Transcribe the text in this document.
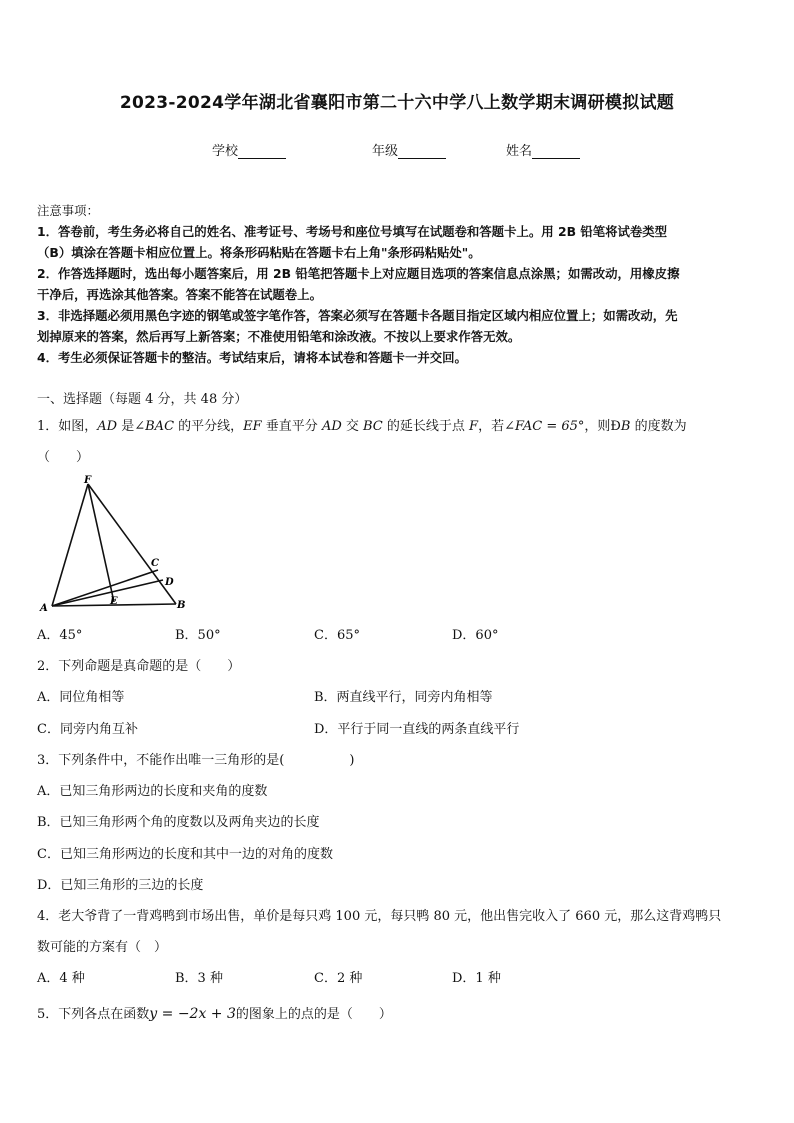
2023-2024学年湖北省襄阳市第二十六中学八上数学期末调研模拟试题
学校	年级	姓名
注意事项：
1．答卷前，考生务必将自己的姓名、准考证号、考场号和座位号填写在试题卷和答题卡上。用 2B 铅笔将试卷类型
（B）填涂在答题卡相应位置上。将条形码粘贴在答题卡右上角"条形码粘贴处"。
2．作答选择题时，选出每小题答案后，用 2B 铅笔把答题卡上对应题目选项的答案信息点涂黑；如需改动，用橡皮擦
干净后，再选涂其他答案。答案不能答在试题卷上。
3．非选择题必须用黑色字迹的钢笔或签字笔作答，答案必须写在答题卡各题目指定区域内相应位置上；如需改动，先
划掉原来的答案，然后再写上新答案；不准使用铅笔和涂改液。不按以上要求作答无效。
4．考生必须保证答题卡的整洁。考试结束后，请将本试卷和答题卡一并交回。
一、选择题（每题 4 分，共 48 分）
1．如图，AD 是∠BAC 的平分线，EF 垂直平分 AD 交 BC 的延长线于点 F，若∠FAC = 65°，则ÐB 的度数为
（　　）
F
C
D
A
E	B
A．45°	B．50°	C．65°	D．60°
2．下列命题是真命题的是（　　）
A．同位角相等	B．两直线平行，同旁内角相等
C．同旁内角互补	D．平行于同一直线的两条直线平行
3．下列条件中，不能作出唯一三角形的是(　　　　　)
A．已知三角形两边的长度和夹角的度数
B．已知三角形两个角的度数以及两角夹边的长度
C．已知三角形两边的长度和其中一边的对角的度数
D．已知三角形的三边的长度
4．老大爷背了一背鸡鸭到市场出售，单价是每只鸡 100 元，每只鸭 80 元，他出售完收入了 660 元，那么这背鸡鸭只
数可能的方案有（　）
A．4 种	B．3 种	C．2 种	D．1 种
5．下列各点在函数y = −2x + 3的图象上的点的是（　　）
